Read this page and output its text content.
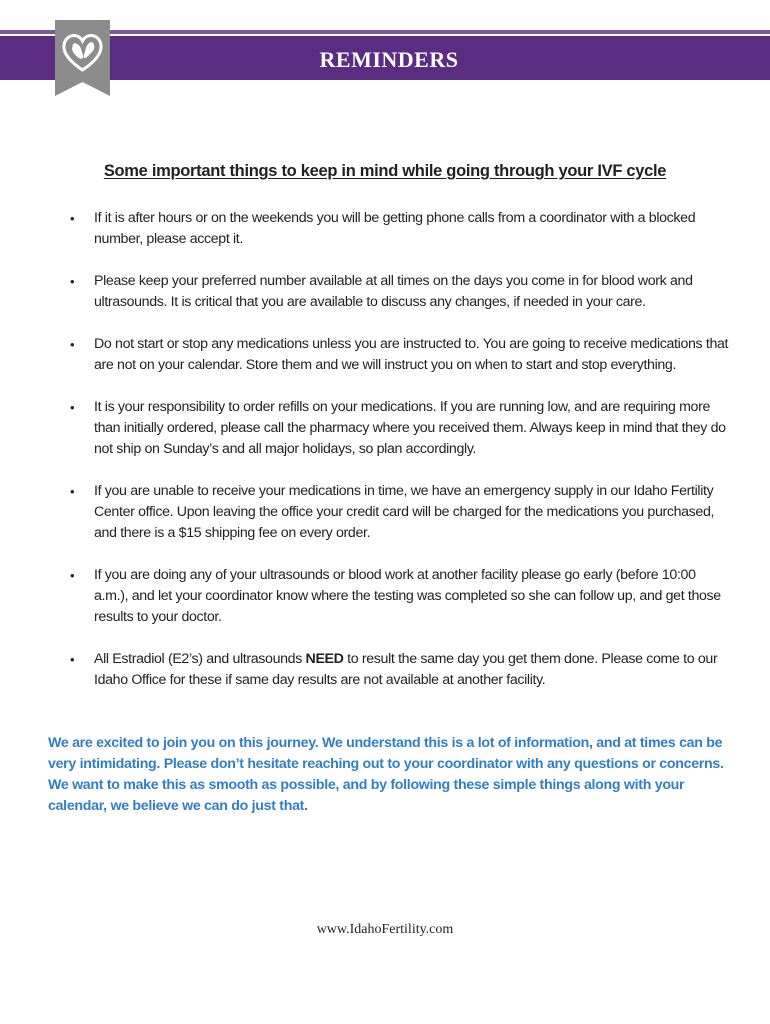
REMINDERS
Some important things to keep in mind while going through your IVF cycle
• If it is after hours or on the weekends you will be getting phone calls from a coordinator with a blocked number, please accept it.
• Please keep your preferred number available at all times on the days you come in for blood work and ultrasounds. It is critical that you are available to discuss any changes, if needed in your care.
• Do not start or stop any medications unless you are instructed to. You are going to receive medications that are not on your calendar. Store them and we will instruct you on when to start and stop everything.
• It is your responsibility to order refills on your medications. If you are running low, and are requiring more than initially ordered, please call the pharmacy where you received them. Always keep in mind that they do not ship on Sunday’s and all major holidays, so plan accordingly.
• If you are unable to receive your medications in time, we have an emergency supply in our Idaho Fertility Center office. Upon leaving the office your credit card will be charged for the medications you purchased, and there is a $15 shipping fee on every order.
• If you are doing any of your ultrasounds or blood work at another facility please go early (before 10:00 a.m.), and let your coordinator know where the testing was completed so she can follow up, and get those results to your doctor.
• All Estradiol (E2’s) and ultrasounds NEED to result the same day you get them done. Please come to our Idaho Office for these if same day results are not available at another facility.
We are excited to join you on this journey. We understand this is a lot of information, and at times can be very intimidating. Please don’t hesitate reaching out to your coordinator with any questions or concerns. We want to make this as smooth as possible, and by following these simple things along with your calendar, we believe we can do just that.
www.IdahoFertility.com
